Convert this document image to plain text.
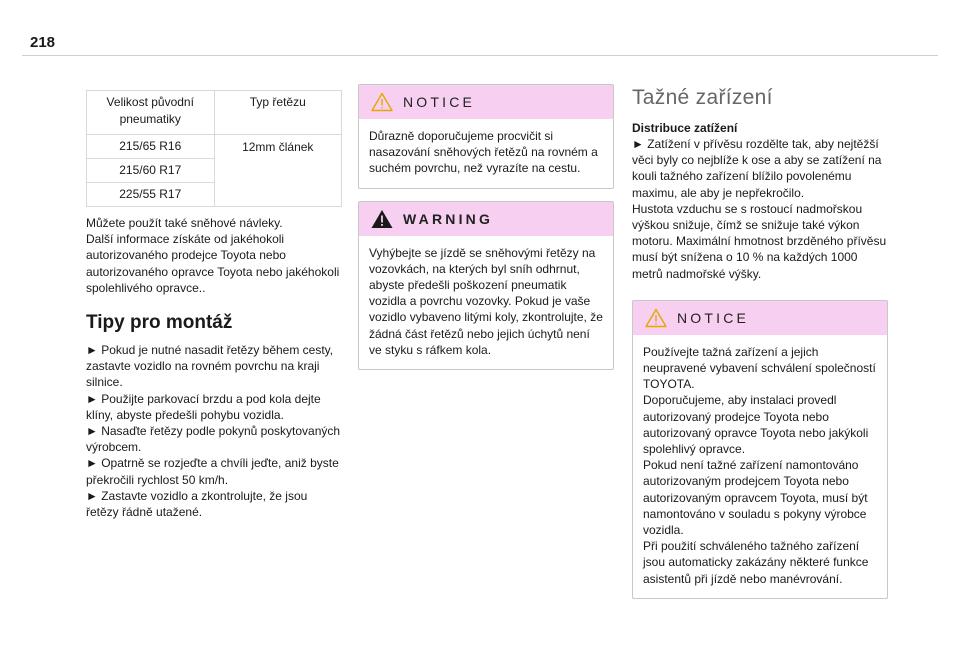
218
Velikost původní pneumatiky	Typ řetězu
215/65 R16	12mm článek
215/60 R17	
225/55 R17	

Můžete použít také sněhové návleky.

Další informace získáte od jakéhokoli autorizovaného prodejce Toyota nebo autorizovaného opravce Toyota nebo jakéhokoli spolehlivého opravce..

Tipy pro montáž

► Pokud je nutné nasadit řetězy během cesty, zastavte vozidlo na rovném povrchu na kraji silnice.

► Použijte parkovací brzdu a pod kola dejte klíny, abyste předešli pohybu vozidla.

► Nasaďte řetězy podle pokynů poskytovaných výrobcem.

► Opatrně se rozjeďte a chvíli jeďte, aniž byste překročili rychlost 50 km/h.

► Zastavte vozidlo a zkontrolujte, že jsou řetězy řádně utažené.

NOTICE

Důrazně doporučujeme procvičit si nasazování sněhových řetězů na rovném a suchém povrchu, než vyrazíte na cestu.

WARNING

Vyhýbejte se jízdě se sněhovými řetězy na vozovkách, na kterých byl sníh odhrnut, abyste předešli poškození pneumatik vozidla a povrchu vozovky. Pokud je vaše vozidlo vybaveno litými koly, zkontrolujte, že žádná část řetězů nebo jejich úchytů není ve styku s ráfkem kola.

Tažné zařízení

Distribuce zatížení

► Zatížení v přívěsu rozdělte tak, aby nejtěžší věci byly co nejblíže k ose a aby se zatížení na kouli tažného zařízení blížilo povolenému maximu, ale aby je nepřekročilo.

Hustota vzduchu se s rostoucí nadmořskou výškou snižuje, čímž se snižuje také výkon motoru. Maximální hmotnost brzděného přívěsu musí být snížena o 10 % na každých 1000 metrů nadmořské výšky.

NOTICE

Používejte tažná zařízení a jejich neupravené vybavení schválení společností TOYOTA.

Doporučujeme, aby instalaci provedl autorizovaný prodejce Toyota nebo autorizovaný opravce Toyota nebo jakýkoli spolehlivý opravce.

Pokud není tažné zařízení namontováno autorizovaným prodejcem Toyota nebo autorizovaným opravcem Toyota, musí být namontováno v souladu s pokyny výrobce vozidla.

Při použití schváleného tažného zařízení jsou automaticky zakázány některé funkce asistentů při jízdě nebo manévrování.
